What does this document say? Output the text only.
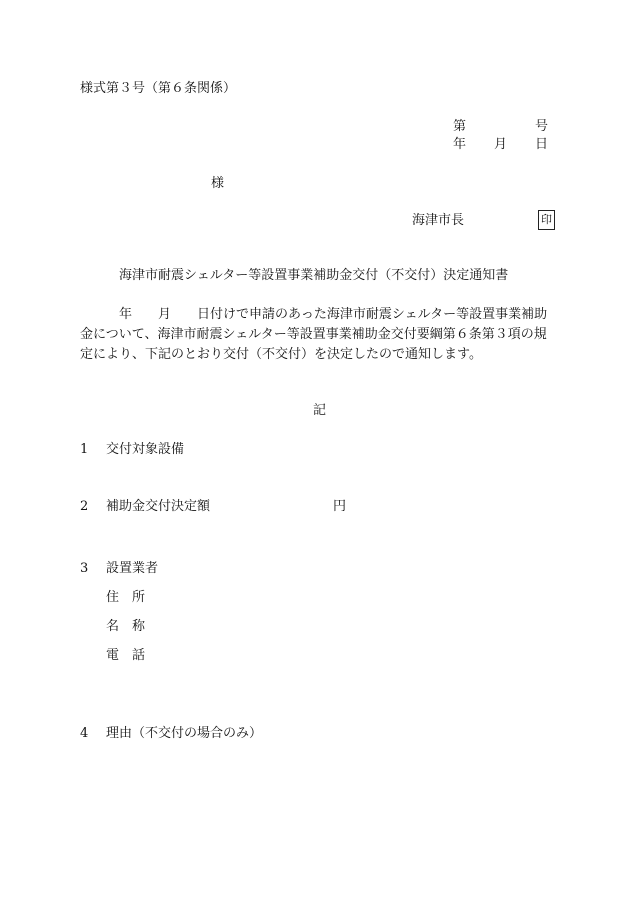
様式第３号（第６条関係）
第	号
年 月 日
様
海津市長	印
海津市耐震シェルター等設置事業補助金交付（不交付）決定通知書

年 月 日付けで申請のあった海津市耐震シェルター等設置事業補助

金について、海津市耐震シェルター等設置事業補助金交付要綱第６条第３項の規

定により、下記のとおり交付（不交付）を決定したので通知します。

記
1 交付対象設備
2 補助金交付決定額	円
3 設置業者
住 所
名 称
電 話
4 理由（不交付の場合のみ）
